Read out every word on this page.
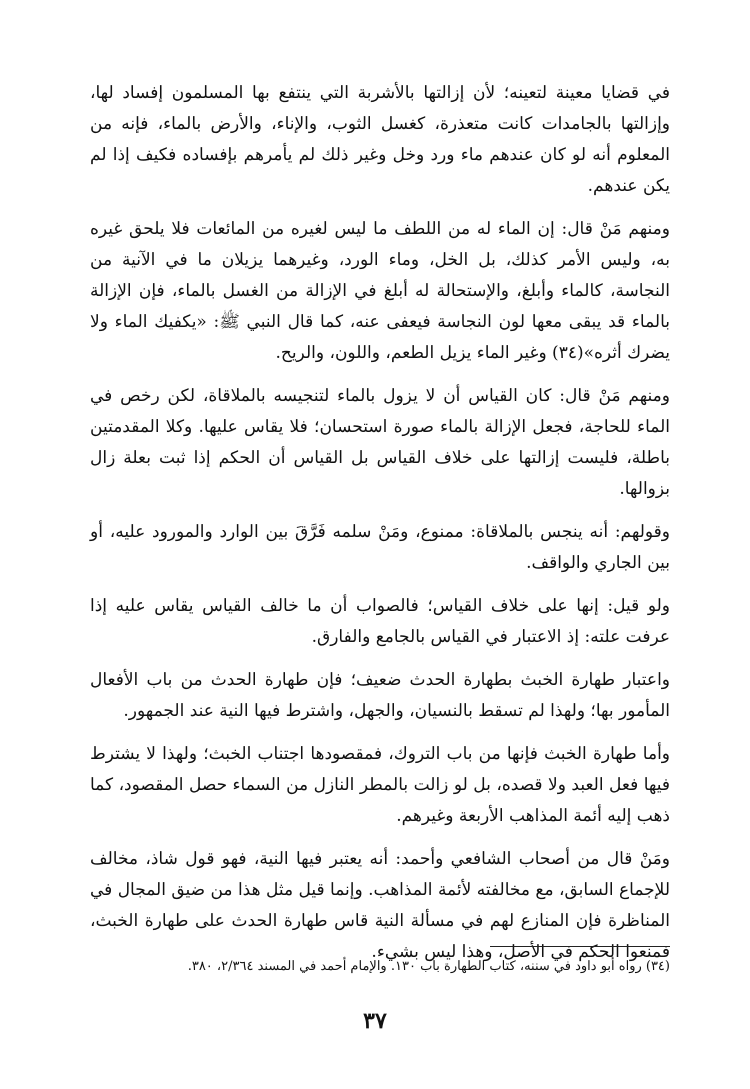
في قضايا معينة لتعينه؛ لأن إزالتها بالأشربة التي ينتفع بها المسلمون إفساد لها، وإزالتها بالجامدات كانت متعذرة، كغسل الثوب، والإناء، والأرض بالماء، فإنه من المعلوم أنه لو كان عندهم ماء ورد وخل وغير ذلك لم يأمرهم بإفساده فكيف إذا لم يكن عندهم.

ومنهم مَنْ قال: إن الماء له من اللطف ما ليس لغيره من المائعات فلا يلحق غيره به، وليس الأمر كذلك، بل الخل، وماء الورد، وغيرهما يزيلان ما في الآنية من النجاسة، كالماء وأبلغ، والإستحالة له أبلغ في الإزالة من الغسل بالماء، فإن الإزالة بالماء قد يبقى معها لون النجاسة فيعفى عنه، كما قال النبي ﷺ: «يكفيك الماء ولا يضرك أثره»(٣٤) وغير الماء يزيل الطعم، واللون، والريح.

ومنهم مَنْ قال: كان القياس أن لا يزول بالماء لتنجيسه بالملاقاة، لكن رخص في الماء للحاجة، فجعل الإزالة بالماء صورة استحسان؛ فلا يقاس عليها. وكلا المقدمتين باطلة، فليست إزالتها على خلاف القياس بل القياس أن الحكم إذا ثبت بعلة زال بزوالها.

وقولهم: أنه ينجس بالملاقاة: ممنوع، ومَنْ سلمه فَرَّقَ بين الوارد والمورود عليه، أو بين الجاري والواقف.

ولو قيل: إنها على خلاف القياس؛ فالصواب أن ما خالف القياس يقاس عليه إذا عرفت علته: إذ الاعتبار في القياس بالجامع والفارق.

واعتبار طهارة الخبث بطهارة الحدث ضعيف؛ فإن طهارة الحدث من باب الأفعال المأمور بها؛ ولهذا لم تسقط بالنسيان، والجهل، واشترط فيها النية عند الجمهور.

وأما طهارة الخبث فإنها من باب التروك، فمقصودها اجتناب الخبث؛ ولهذا لا يشترط فيها فعل العبد ولا قصده، بل لو زالت بالمطر النازل من السماء حصل المقصود، كما ذهب إليه أئمة المذاهب الأربعة وغيرهم.

ومَنْ قال من أصحاب الشافعي وأحمد: أنه يعتبر فيها النية، فهو قول شاذ، مخالف للإجماع السابق، مع مخالفته لأئمة المذاهب. وإنما قيل مثل هذا من ضيق المجال في المناظرة فإن المنازع لهم في مسألة النية قاس طهارة الحدث على طهارة الخبث، فمنعوا الحكم في الأصل، وهذا ليس بشيء.

(٣٤) رواه أبو داود في سننه، كتاب الطهارة باب ١٣٠. والإمام أحمد في المسند ٢/٣٦٤، ٣٨٠.
٣٧
